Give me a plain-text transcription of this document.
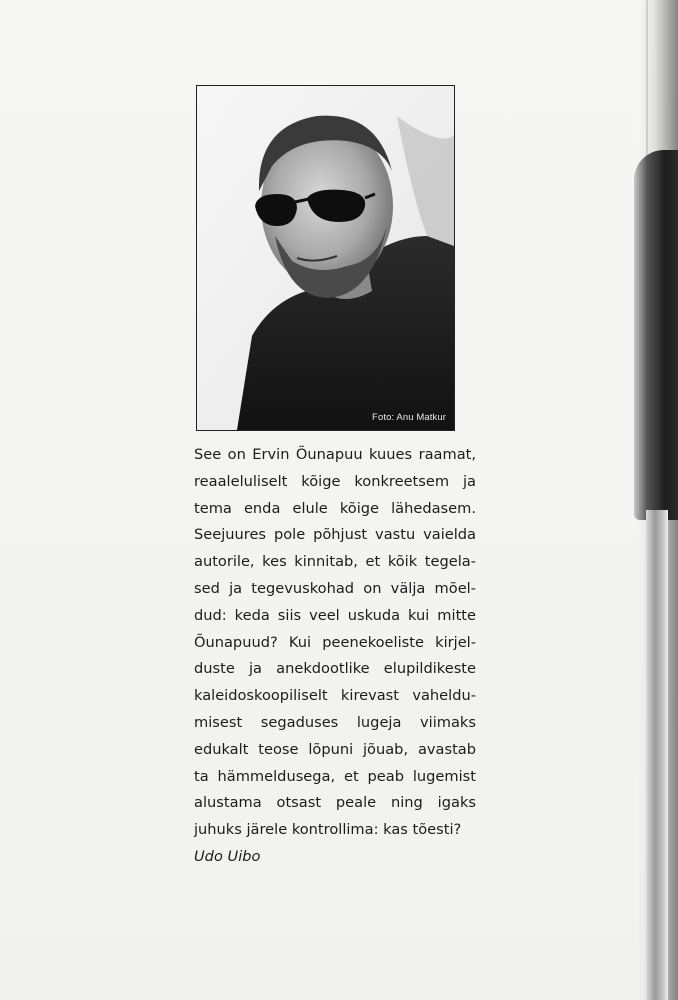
Foto: Anu Matkur
See on Ervin Õunapuu kuues raamat,
reaaleluliselt kõige konkreetsem ja
tema enda elule kõige lähedasem.
Seejuures pole põhjust vastu vaielda
autorile, kes kinnitab, et kõik tegela-
sed ja tegevuskohad on välja mõel-
dud: keda siis veel uskuda kui mitte
Õunapuud? Kui peenekoeliste kirjel-
duste ja anekdootlike elupildikeste
kaleidoskoopiliselt kirevast vaheldu-
misest segaduses lugeja viimaks
edukalt teose lõpuni jõuab, avastab
ta hämmeldusega, et peab lugemist
alustama otsast peale ning igaks
juhuks järele kontrollima: kas tõesti?
Udo Uibo
